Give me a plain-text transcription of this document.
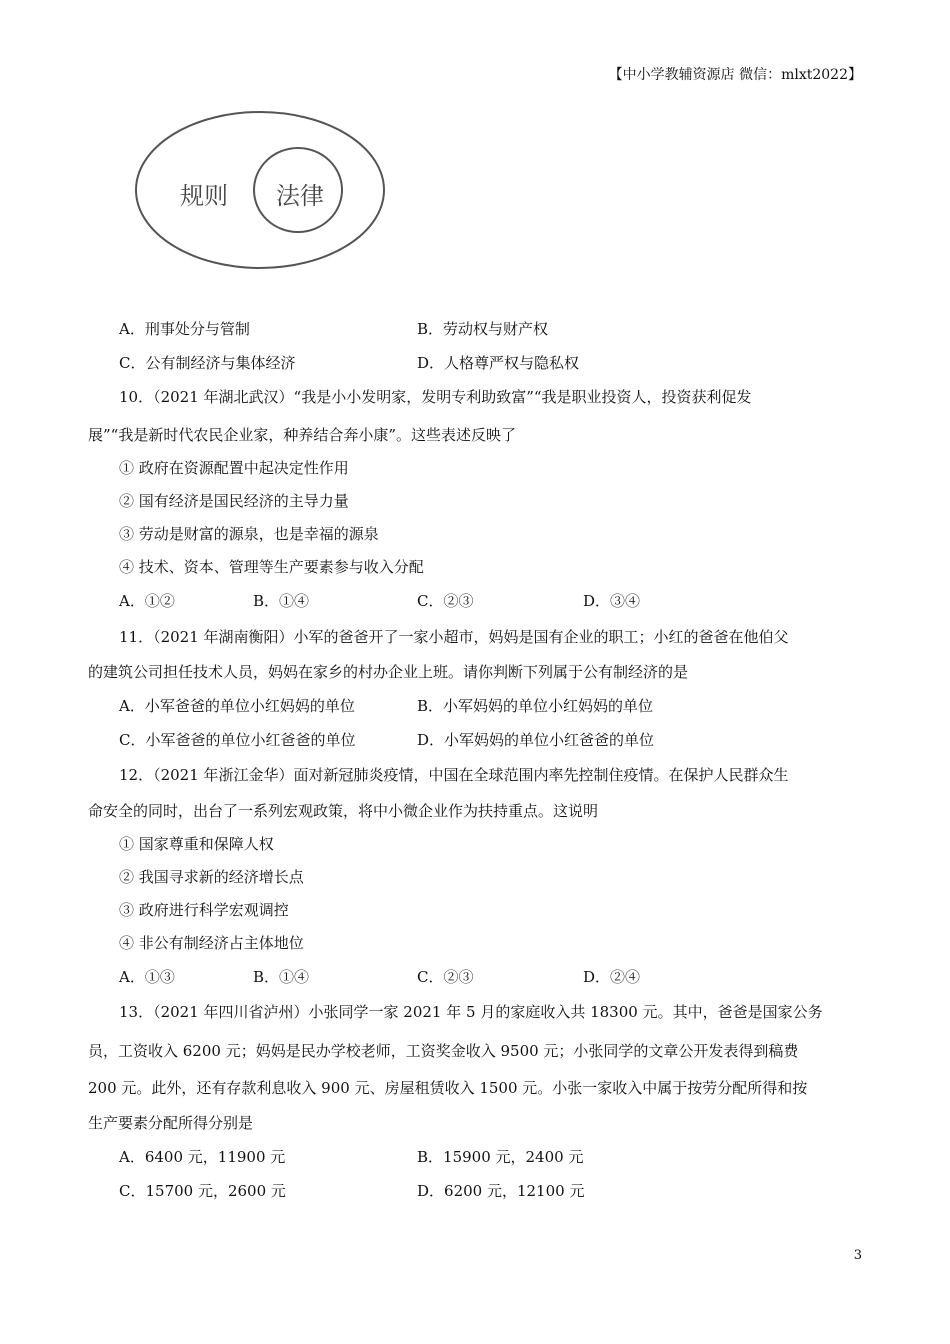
【中小学教辅资源店 微信：mlxt2022】
规则 法律
A．刑事处分与管制	B．劳动权与财产权
C．公有制经济与集体经济	D．人格尊严权与隐私权
10．（2021 年湖北武汉）“我是小小发明家，发明专利助致富”“我是职业投资人，投资获利促发
展”“我是新时代农民企业家，种养结合奔小康”。这些表述反映了
① 政府在资源配置中起决定性作用
② 国有经济是国民经济的主导力量
③ 劳动是财富的源泉，也是幸福的源泉
④ 技术、资本、管理等生产要素参与收入分配
A．①②	B．①④	C．②③	D．③④
11．（2021 年湖南衡阳）小军的爸爸开了一家小超市，妈妈是国有企业的职工；小红的爸爸在他伯父
的建筑公司担任技术人员，妈妈在家乡的村办企业上班。请你判断下列属于公有制经济的是
A．小军爸爸的单位小红妈妈的单位	B．小军妈妈的单位小红妈妈的单位
C．小军爸爸的单位小红爸爸的单位	D．小军妈妈的单位小红爸爸的单位
12．（2021 年浙江金华）面对新冠肺炎疫情，中国在全球范围内率先控制住疫情。在保护人民群众生
命安全的同时，出台了一系列宏观政策，将中小微企业作为扶持重点。这说明
① 国家尊重和保障人权
② 我国寻求新的经济增长点
③ 政府进行科学宏观调控
④ 非公有制经济占主体地位
A．①③	B．①④	C．②③	D．②④
13．（2021 年四川省泸州）小张同学一家 2021 年 5 月的家庭收入共 18300 元。其中，爸爸是国家公务
员，工资收入 6200 元；妈妈是民办学校老师，工资奖金收入 9500 元；小张同学的文章公开发表得到稿费
200 元。此外，还有存款利息收入 900 元、房屋租赁收入 1500 元。小张一家收入中属于按劳分配所得和按
生产要素分配所得分别是
A．6400 元，11900 元	B．15900 元，2400 元
C．15700 元，2600 元	D．6200 元，12100 元
3
